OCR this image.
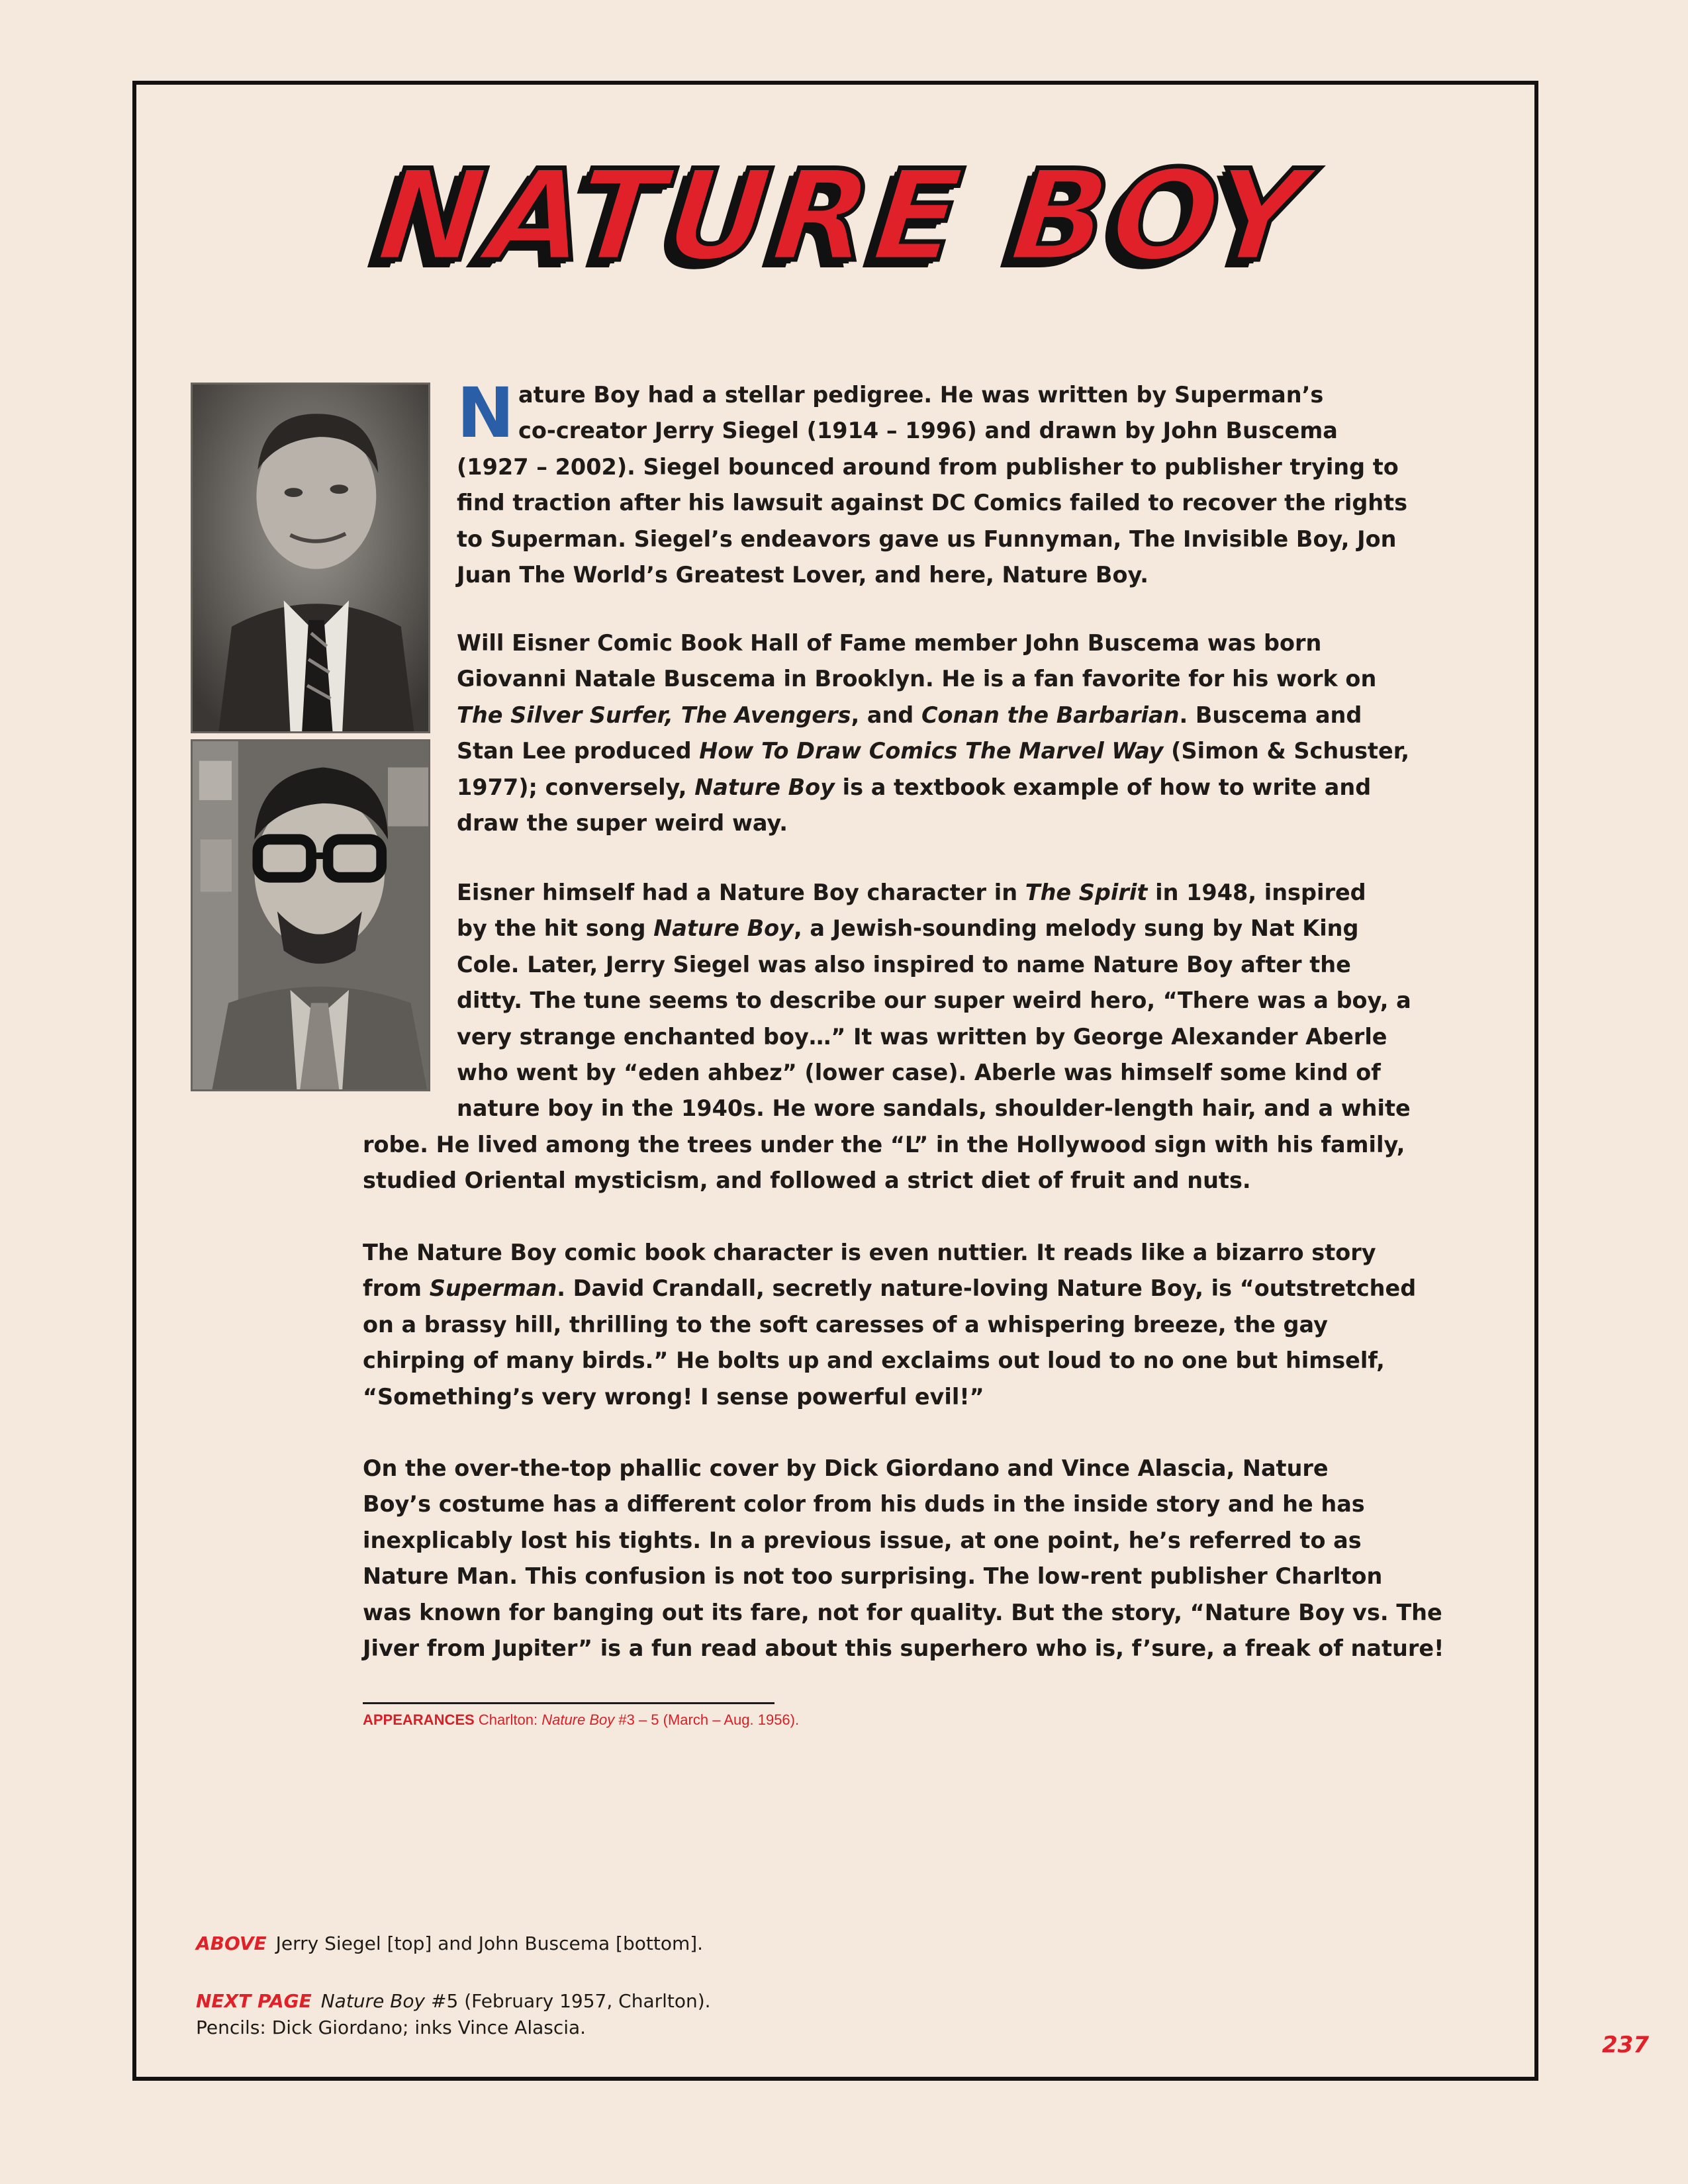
NATURE BOY
N ature Boy had a stellar pedigree. He was written by Superman’s
co-creator Jerry Siegel (1914 – 1996) and drawn by John Buscema
(1927 – 2002). Siegel bounced around from publisher to publisher trying to
find traction after his lawsuit against DC Comics failed to recover the rights
to Superman. Siegel’s endeavors gave us Funnyman, The Invisible Boy, Jon
Juan The World’s Greatest Lover, and here, Nature Boy.
Will Eisner Comic Book Hall of Fame member John Buscema was born
Giovanni Natale Buscema in Brooklyn. He is a fan favorite for his work on
The Silver Surfer, The Avengers, and Conan the Barbarian. Buscema and
Stan Lee produced How To Draw Comics The Marvel Way (Simon & Schuster,
1977); conversely, Nature Boy is a textbook example of how to write and
draw the super weird way.
Eisner himself had a Nature Boy character in The Spirit in 1948, inspired
by the hit song Nature Boy, a Jewish-sounding melody sung by Nat King
Cole. Later, Jerry Siegel was also inspired to name Nature Boy after the
ditty. The tune seems to describe our super weird hero, “There was a boy, a
very strange enchanted boy…” It was written by George Alexander Aberle
who went by “eden ahbez” (lower case). Aberle was himself some kind of
nature boy in the 1940s. He wore sandals, shoulder-length hair, and a white
robe. He lived among the trees under the “L” in the Hollywood sign with his family,
studied Oriental mysticism, and followed a strict diet of fruit and nuts.
The Nature Boy comic book character is even nuttier. It reads like a bizarro story
from Superman. David Crandall, secretly nature-loving Nature Boy, is “outstretched
on a brassy hill, thrilling to the soft caresses of a whispering breeze, the gay
chirping of many birds.” He bolts up and exclaims out loud to no one but himself,
“Something’s very wrong! I sense powerful evil!”
On the over-the-top phallic cover by Dick Giordano and Vince Alascia, Nature
Boy’s costume has a different color from his duds in the inside story and he has
inexplicably lost his tights. In a previous issue, at one point, he’s referred to as
Nature Man. This confusion is not too surprising. The low-rent publisher Charlton
was known for banging out its fare, not for quality. But the story, “Nature Boy vs. The
Jiver from Jupiter” is a fun read about this superhero who is, f’sure, a freak of nature!
APPEARANCES Charlton: Nature Boy #3 – 5 (March – Aug. 1956).
ABOVE Jerry Siegel [top] and John Buscema [bottom].
NEXT PAGE Nature Boy #5 (February 1957, Charlton).
Pencils: Dick Giordano; inks Vince Alascia.
237
